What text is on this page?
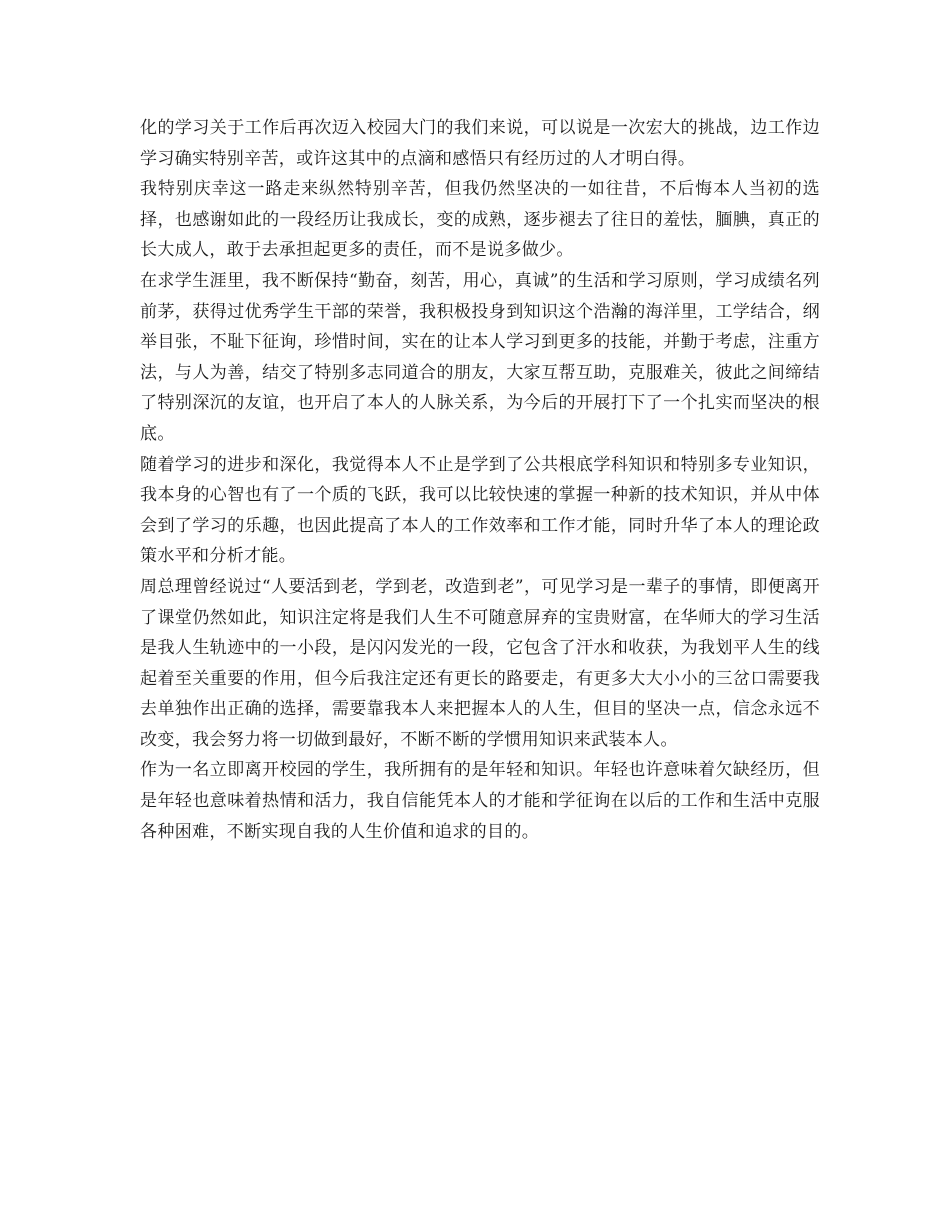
化的学习关于工作后再次迈入校园大门的我们来说，可以说是一次宏大的挑战，边工作边学习确实特别辛苦，或许这其中的点滴和感悟只有经历过的人才明白得。

我特别庆幸这一路走来纵然特别辛苦，但我仍然坚决的一如往昔，不后悔本人当初的选择，也感谢如此的一段经历让我成长，变的成熟，逐步褪去了往日的羞怯，腼腆，真正的长大成人，敢于去承担起更多的责任，而不是说多做少。

在求学生涯里，我不断保持“勤奋，刻苦，用心，真诚”的生活和学习原则，学习成绩名列前茅，获得过优秀学生干部的荣誉，我积极投身到知识这个浩瀚的海洋里，工学结合，纲举目张，不耻下征询，珍惜时间，实在的让本人学习到更多的技能，并勤于考虑，注重方法，与人为善，结交了特别多志同道合的朋友，大家互帮互助，克服难关，彼此之间缔结了特别深沉的友谊，也开启了本人的人脉关系，为今后的开展打下了一个扎实而坚决的根底。

随着学习的进步和深化，我觉得本人不止是学到了公共根底学科知识和特别多专业知识，我本身的心智也有了一个质的飞跃，我可以比较快速的掌握一种新的技术知识，并从中体会到了学习的乐趣，也因此提高了本人的工作效率和工作才能，同时升华了本人的理论政策水平和分析才能。

周总理曾经说过“人要活到老，学到老，改造到老”，可见学习是一辈子的事情，即便离开了课堂仍然如此，知识注定将是我们人生不可随意屏弃的宝贵财富，在华师大的学习生活是我人生轨迹中的一小段，是闪闪发光的一段，它包含了汗水和收获，为我划平人生的线起着至关重要的作用，但今后我注定还有更长的路要走，有更多大大小小的三岔口需要我去单独作出正确的选择，需要靠我本人来把握本人的人生，但目的坚决一点，信念永远不改变，我会努力将一切做到最好，不断不断的学惯用知识来武装本人。

作为一名立即离开校园的学生，我所拥有的是年轻和知识。年轻也许意味着欠缺经历，但是年轻也意味着热情和活力，我自信能凭本人的才能和学征询在以后的工作和生活中克服各种困难，不断实现自我的人生价值和追求的目的。
